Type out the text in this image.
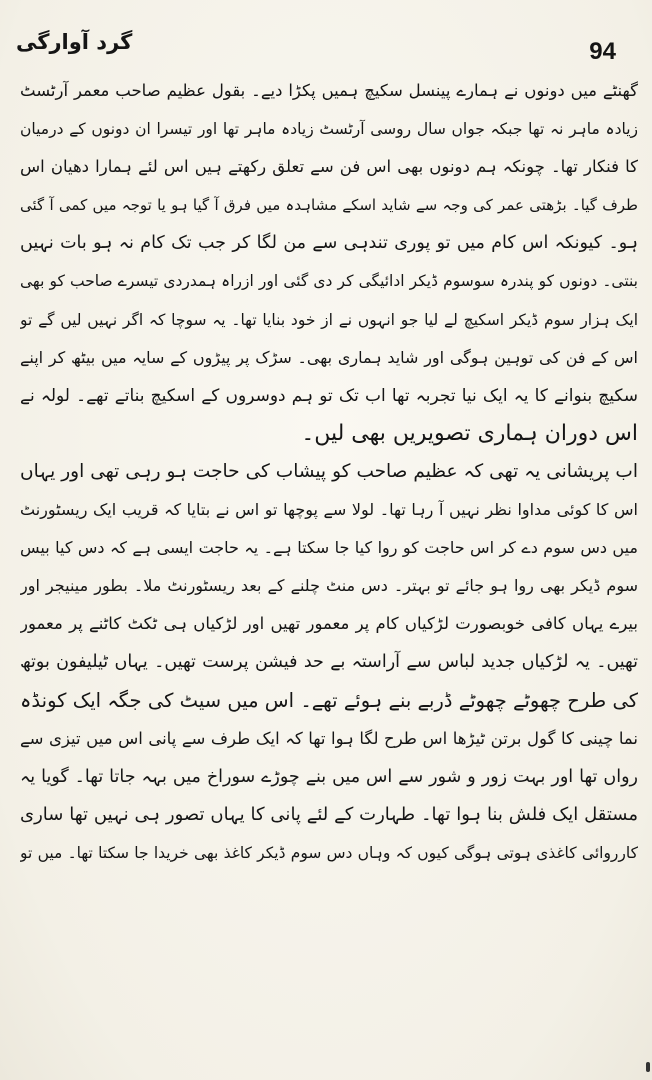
گرد آوارگی	94
گھنٹے میں دونوں نے ہمارے پینسل سکیچ ہمیں پکڑا دیے۔ بقول عظیم صاحب معمر آرٹسٹ
زیادہ ماہر نہ تھا جبکہ جواں سال روسی آرٹسٹ زیادہ ماہر تھا اور تیسرا ان دونوں کے درمیان
کا فنکار تھا۔ چونکہ ہم دونوں بھی اس فن سے تعلق رکھتے ہیں اس لئے ہمارا دھیان اس
طرف گیا۔ بڑھتی عمر کی وجہ سے شاید اسکے مشاہدہ میں فرق آ گیا ہو یا توجہ میں کمی آ گئی
ہو۔ کیونکہ اس کام میں تو پوری تندہی سے من لگا کر جب تک کام نہ ہو بات نہیں
بنتی۔ دونوں کو پندرہ سوسوم ڈیکر ادائیگی کر دی گئی اور ازراہ ہمدردی تیسرے صاحب کو بھی
ایک ہزار سوم ڈیکر اسکیچ لے لیا جو انہوں نے از خود بنایا تھا۔ یہ سوچا کہ اگر نہیں لیں گے تو
اس کے فن کی توہین ہوگی اور شاید ہماری بھی۔ سڑک پر پیڑوں کے سایہ میں بیٹھ کر اپنے
سکیچ بنوانے کا یہ ایک نیا تجربہ تھا اب تک تو ہم دوسروں کے اسکیچ بناتے تھے۔ لولہ نے
اس دوران ہماری تصویریں بھی لیں۔
اب پریشانی یہ تھی کہ عظیم صاحب کو پیشاب کی حاجت ہو رہی تھی اور یہاں
اس کا کوئی مداوا نظر نہیں آ رہا تھا۔ لولا سے پوچھا تو اس نے بتایا کہ قریب ایک ریسٹورنٹ
میں دس سوم دے کر اس حاجت کو روا کیا جا سکتا ہے۔ یہ حاجت ایسی ہے کہ دس کیا بیس
سوم ڈیکر بھی روا ہو جائے تو بہتر۔ دس منٹ چلنے کے بعد ریسٹورنٹ ملا۔ بطور مینیجر اور
بیرے یہاں کافی خوبصورت لڑکیاں کام پر معمور تھیں اور لڑکیاں ہی ٹکٹ کاٹنے پر معمور
تھیں۔ یہ لڑکیاں جدید لباس سے آراستہ بے حد فیشن پرست تھیں۔ یہاں ٹیلیفون بوتھ
کی طرح چھوٹے چھوٹے ڈربے بنے ہوئے تھے۔ اس میں سیٹ کی جگہ ایک کونڈہ
نما چینی کا گول برتن ٹیڑھا اس طرح لگا ہوا تھا کہ ایک طرف سے پانی اس میں تیزی سے
رواں تھا اور بہت زور و شور سے اس میں بنے چوڑے سوراخ میں بہہ جاتا تھا۔ گویا یہ
مستقل ایک فلش بنا ہوا تھا۔ طہارت کے لئے پانی کا یہاں تصور ہی نہیں تھا ساری
کارروائی کاغذی ہوتی ہوگی کیوں کہ وہاں دس سوم ڈیکر کاغذ بھی خریدا جا سکتا تھا۔ میں تو
